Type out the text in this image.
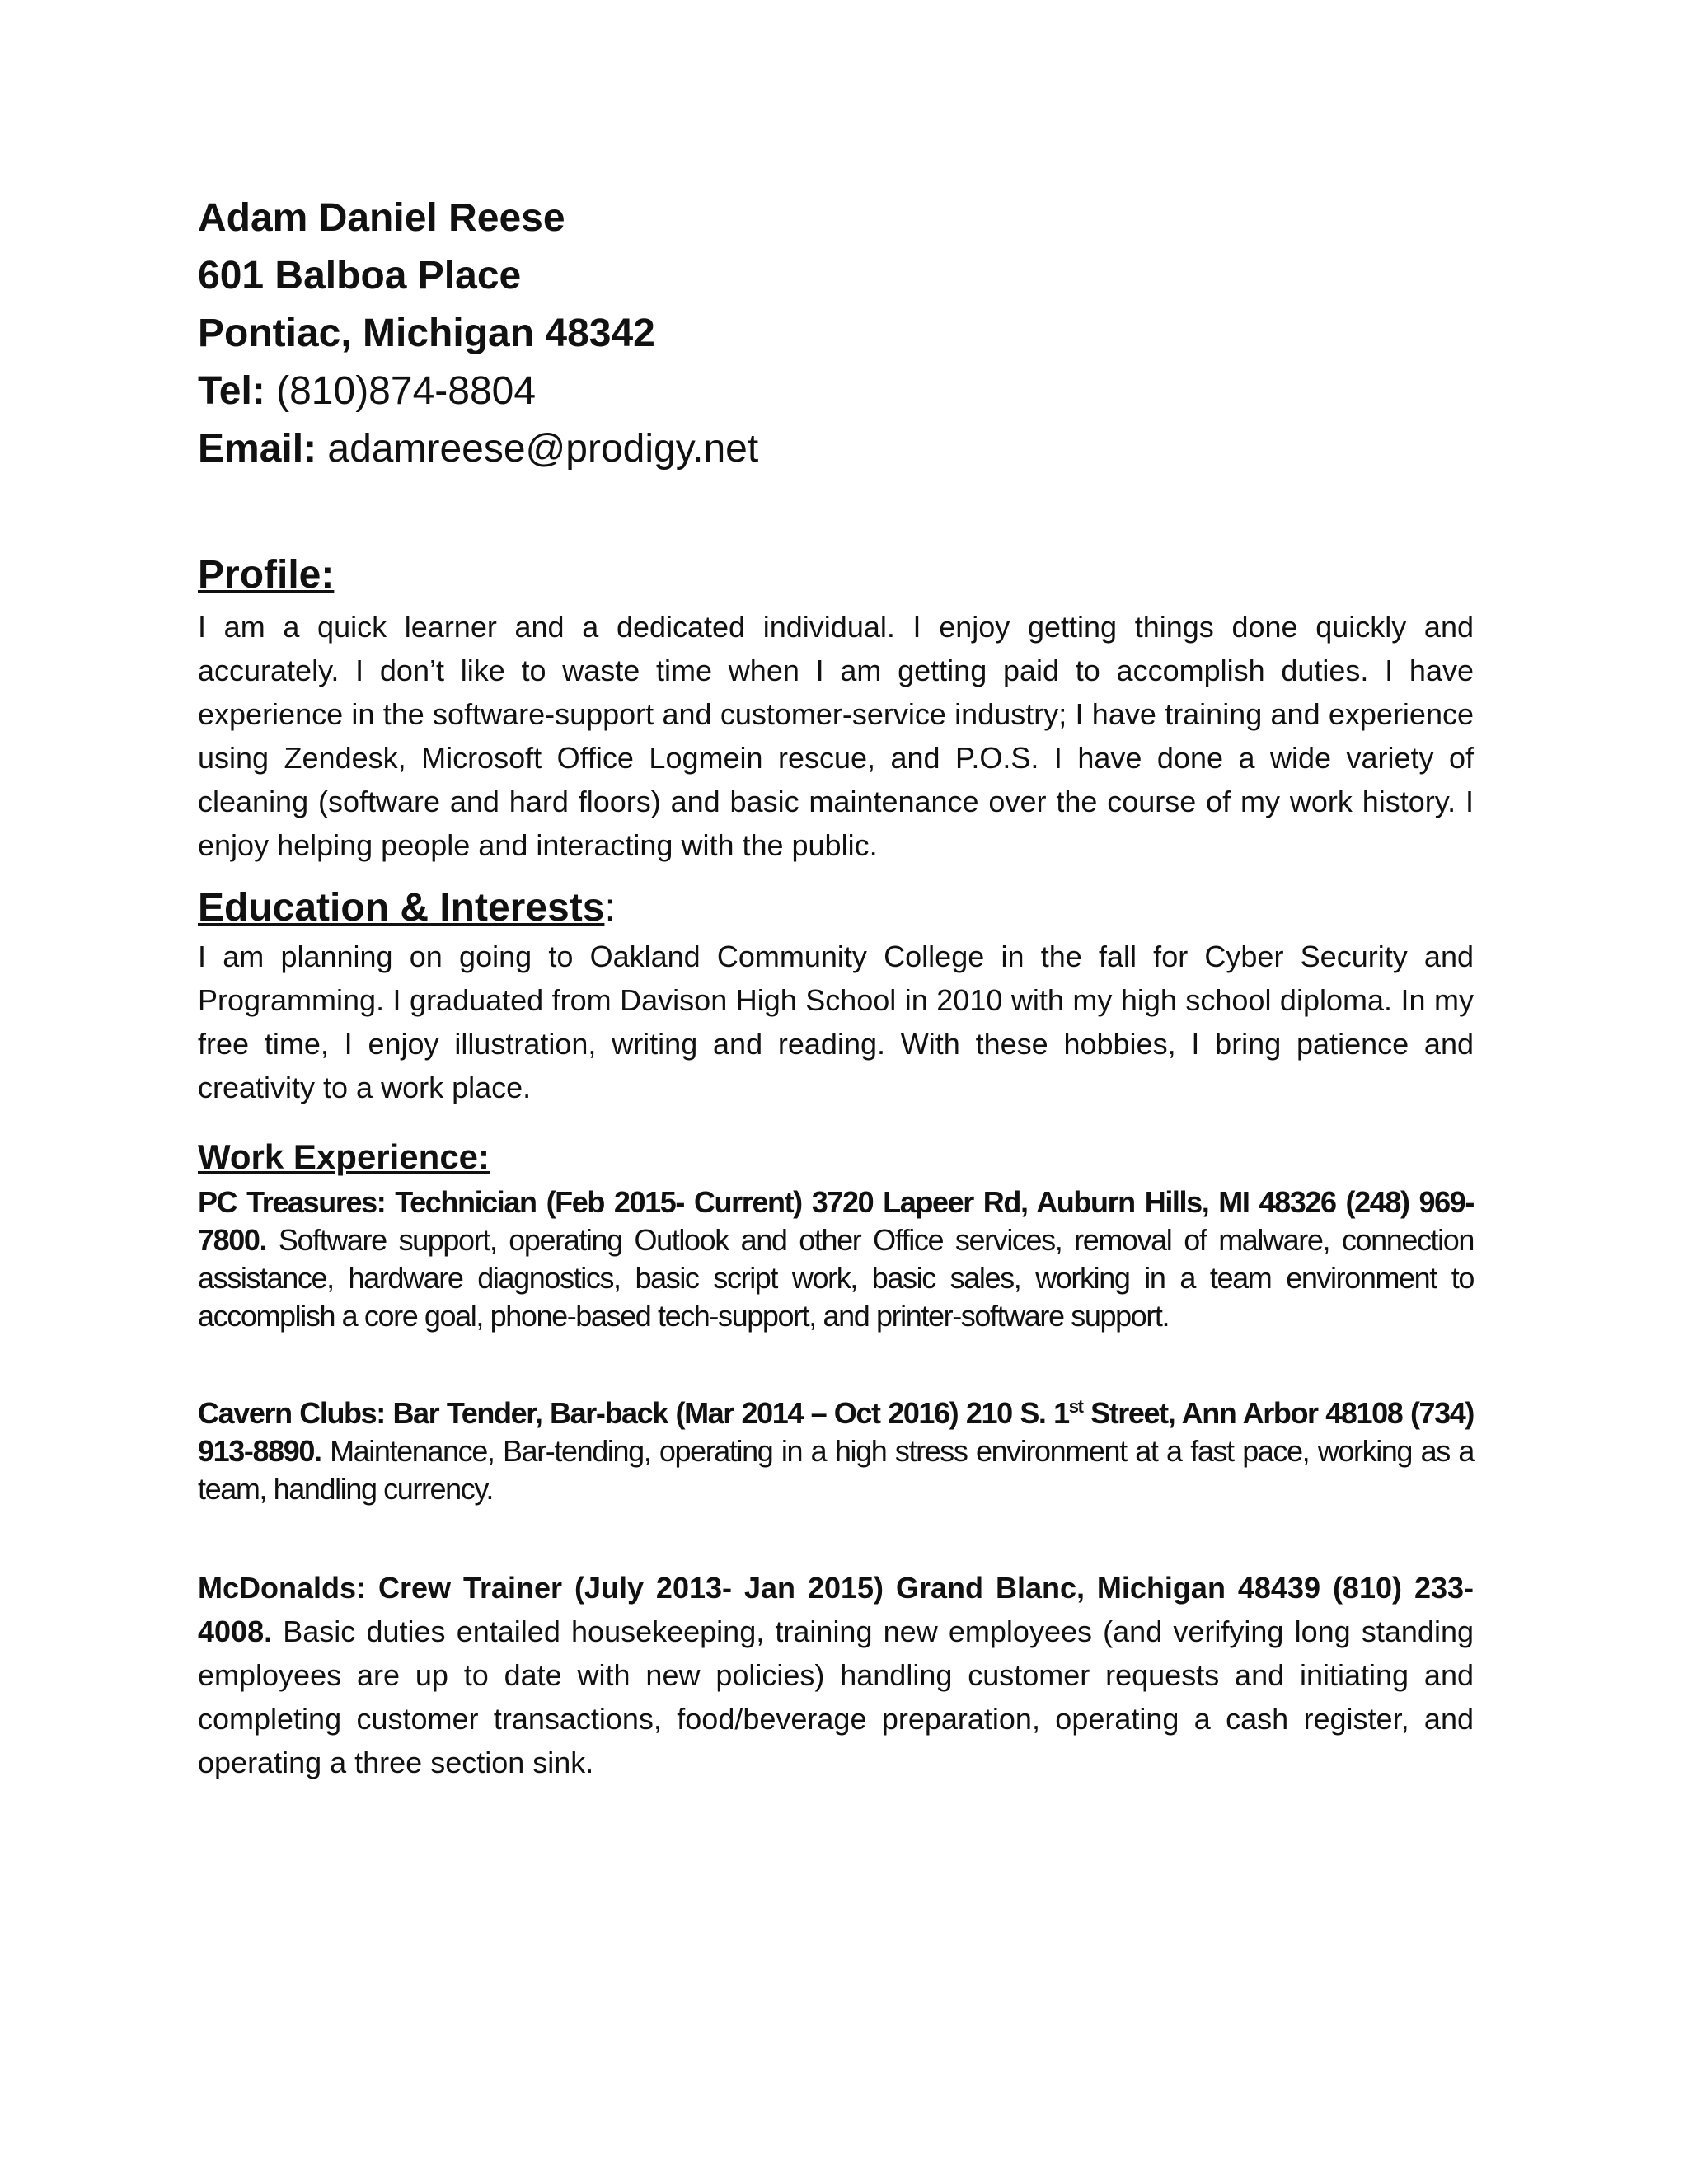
Adam Daniel Reese

601 Balboa Place

Pontiac, Michigan 48342

Tel: (810)874-8804

Email: adamreese@prodigy.net

Profile:

I am a quick learner and a dedicated individual. I enjoy getting things done quickly and accurately. I don’t like to waste time when I am getting paid to accomplish duties. I have experience in the software-support and customer-service industry; I have training and experience using Zendesk, Microsoft Office Logmein rescue, and P.O.S. I have done a wide variety of cleaning (software and hard floors) and basic maintenance over the course of my work history. I enjoy helping people and interacting with the public.

Education & Interests:

I am planning on going to Oakland Community College in the fall for Cyber Security and Programming. I graduated from Davison High School in 2010 with my high school diploma. In my free time, I enjoy illustration, writing and reading. With these hobbies, I bring patience and creativity to a work place.

Work Experience:

PC Treasures: Technician (Feb 2015- Current) 3720 Lapeer Rd, Auburn Hills, MI 48326 (248) 969-7800. Software support, operating Outlook and other Office services, removal of malware, connection assistance, hardware diagnostics, basic script work, basic sales, working in a team environment to accomplish a core goal, phone-based tech-support, and printer-software support.

Cavern Clubs: Bar Tender, Bar-back (Mar 2014 – Oct 2016) 210 S. 1st Street, Ann Arbor 48108 (734) 913-8890. Maintenance, Bar-tending, operating in a high stress environment at a fast pace, working as a team, handling currency.

McDonalds: Crew Trainer (July 2013- Jan 2015) Grand Blanc, Michigan 48439 (810) 233- 4008. Basic duties entailed housekeeping, training new employees (and verifying long standing employees are up to date with new policies) handling customer requests and initiating and completing customer transactions, food/beverage preparation, operating a cash register, and operating a three section sink.
